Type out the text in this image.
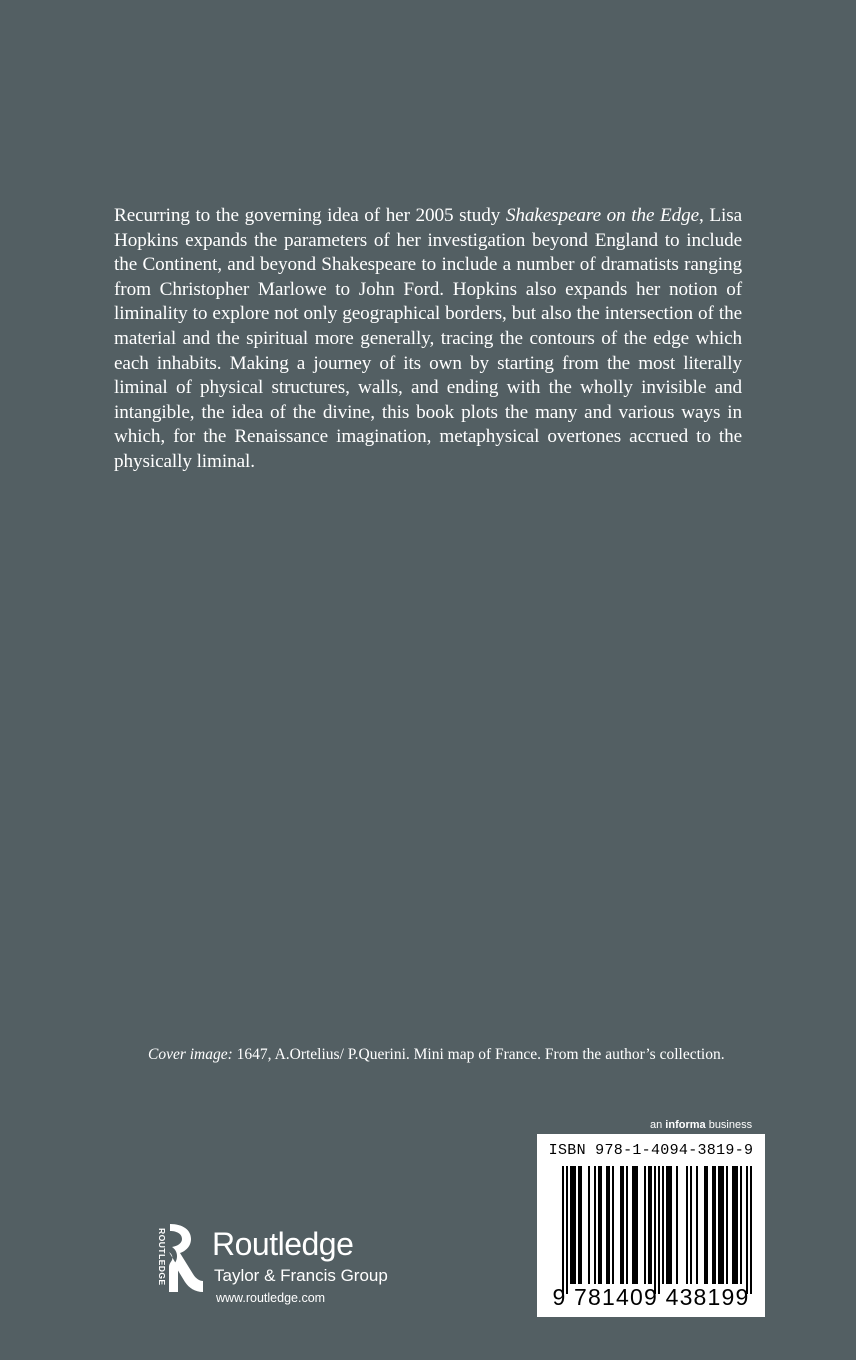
Recurring to the governing idea of her 2005 study Shakespeare on the Edge, Lisa Hopkins expands the parameters of her investigation beyond England to include the Continent, and beyond Shakespeare to include a number of dramatists ranging from Christopher Marlowe to John Ford. Hopkins also expands her notion of liminality to explore not only geographical borders, but also the intersection of the material and the spiritual more generally, tracing the contours of the edge which each inhabits. Making a journey of its own by starting from the most literally liminal of physical structures, walls, and ending with the wholly invisible and intangible, the idea of the divine, this book plots the many and various ways in which, for the Renaissance imagination, metaphysical overtones accrued to the physically liminal.

Cover image: 1647, A.Ortelius/ P.Querini. Mini map of France. From the author’s collection.

an informa business
ISBN 978-1-4094-3819-9
9 781409 438199
ROUTLEDGE Routledge
Taylor & Francis Group
www.routledge.com
